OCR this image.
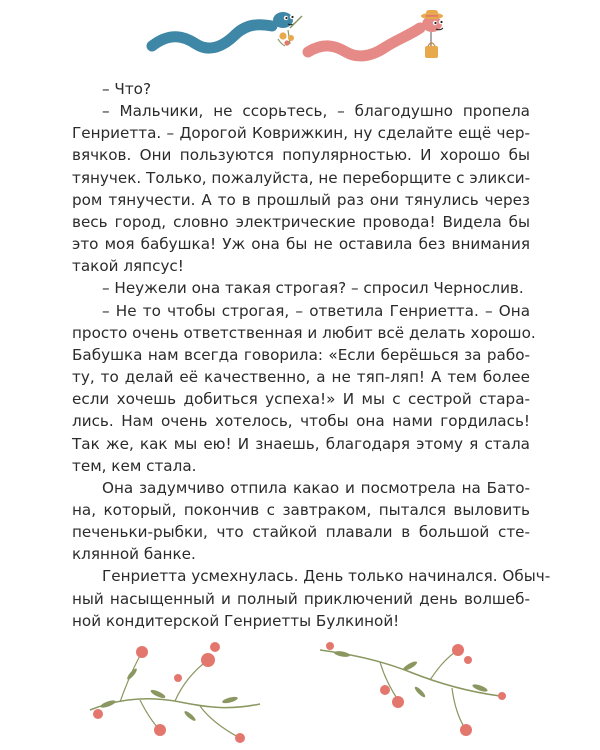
– Что?

– Мальчики, не ссорьтесь, – благодушно пропела
Генриетта. – Дорогой Коврижкин, ну сделайте ещё чер-
вячков. Они пользуются популярностью. И хорошо бы
тянучек. Только, пожалуйста, не переборщите с эликси-
ром тянучести. А то в прошлый раз они тянулись через
весь город, словно электрические провода! Видела бы
это моя бабушка! Уж она бы не оставила без внимания
такой ляпсус!

– Неужели она такая строгая? – спросил Чернослив.

– Не то чтобы строгая, – ответила Генриетта. – Она
просто очень ответственная и любит всё делать хорошо.
Бабушка нам всегда говорила: «Если берёшься за рабо-
ту, то делай её качественно, а не тяп-ляп! А тем более
если хочешь добиться успеха!» И мы с сестрой стара-
лись. Нам очень хотелось, чтобы она нами гордилась!
Так же, как мы ею! И знаешь, благодаря этому я стала
тем, кем стала.

Она задумчиво отпила какао и посмотрела на Бато-
на, который, покончив с завтраком, пытался выловить
печеньки-рыбки, что стайкой плавали в большой сте-
клянной банке.

Генриетта усмехнулась. День только начинался. Обыч-
ный насыщенный и полный приключений день волшеб-
ной кондитерской Генриетты Булкиной!
